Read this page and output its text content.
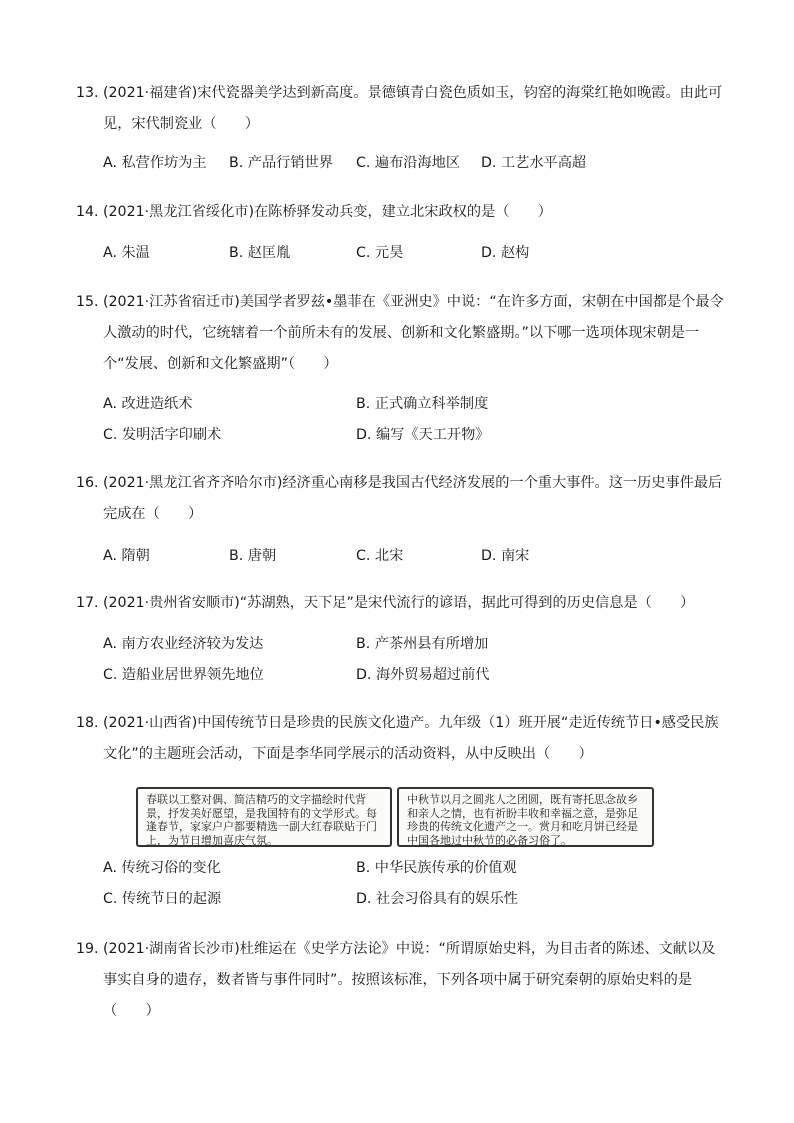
13. (2021·福建省)宋代瓷器美学达到新高度。景德镇青白瓷色质如玉，钧窑的海棠红艳如晚霞。由此可见，宋代制瓷业（　　）
A. 私营作坊为主 B. 产品行销世界 C. 遍布沿海地区 D. 工艺水平高超
14. (2021·黑龙江省绥化市)在陈桥驿发动兵变，建立北宋政权的是（　　）
A. 朱温	B. 赵匡胤	C. 元昊	D. 赵构
15. (2021·江苏省宿迁市)美国学者罗兹•墨菲在《亚洲史》中说：“在许多方面，宋朝在中国都是个最令人激动的时代，它统辖着一个前所未有的发展、创新和文化繁盛期。”以下哪一选项体现宋朝是一个“发展、创新和文化繁盛期”（　　）
A. 改进造纸术	B. 正式确立科举制度
C. 发明活字印刷术	D. 编写《天工开物》
16. (2021·黑龙江省齐齐哈尔市)经济重心南移是我国古代经济发展的一个重大事件。这一历史事件最后完成在（　　）
A. 隋朝	B. 唐朝	C. 北宋	D. 南宋
17. (2021·贵州省安顺市)“苏湖熟，天下足”是宋代流行的谚语，据此可得到的历史信息是（　　）
A. 南方农业经济较为发达	B. 产茶州县有所增加
C. 造船业居世界领先地位	D. 海外贸易超过前代
18. (2021·山西省)中国传统节日是珍贵的民族文化遗产。九年级（1）班开展“走近传统节日•感受民族文化”的主题班会活动，下面是李华同学展示的活动资料，从中反映出（　　）
春联以工整对偶、简洁精巧的文字描绘时代背景，抒发美好愿望，是我国特有的文学形式。每逢春节，家家户户都要精选一副大红春联贴于门上，为节日增加喜庆气氛。
中秋节以月之圆兆人之团圆，既有寄托思念故乡和亲人之情，也有祈盼丰收和幸福之意，是弥足珍贵的传统文化遗产之一。赏月和吃月饼已经是中国各地过中秋节的必备习俗了。
A. 传统习俗的变化	B. 中华民族传承的价值观
C. 传统节日的起源	D. 社会习俗具有的娱乐性
19. (2021·湖南省长沙市)杜维运在《史学方法论》中说：“所谓原始史料，为目击者的陈述、文献以及事实自身的遗存，数者皆与事件同时”。按照该标准，下列各项中属于研究秦朝的原始史料的是（　　）
